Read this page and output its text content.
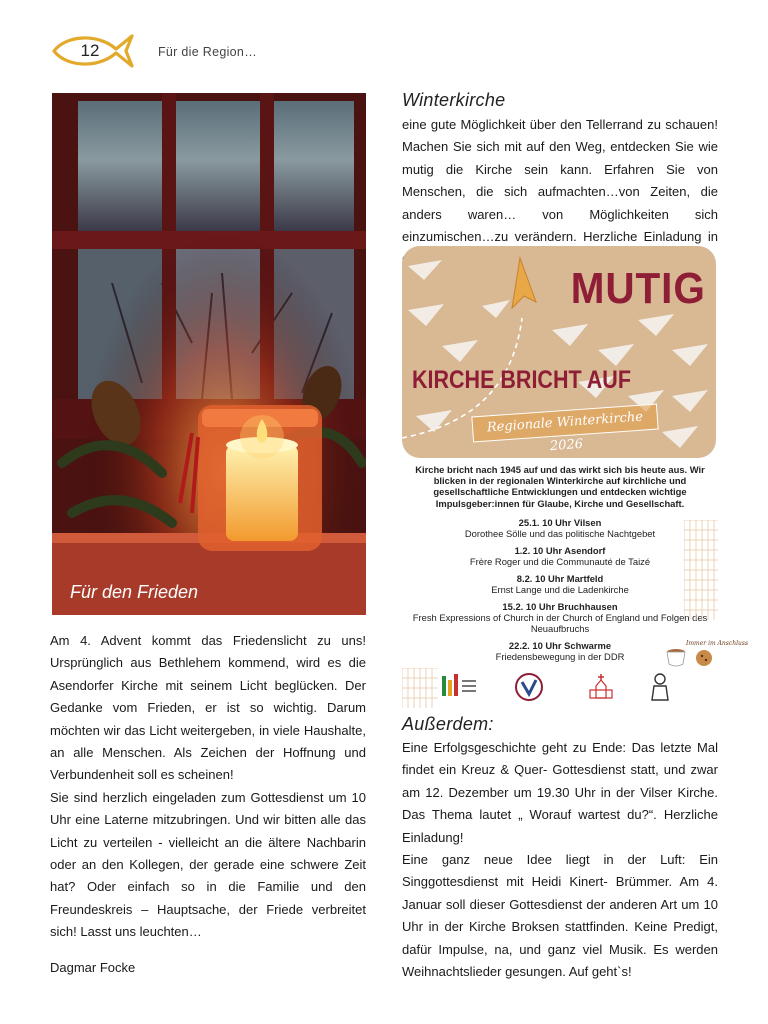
12	Für die Region…
Für den Frieden

Am 4. Advent kommt das Friedenslicht zu uns! Ursprünglich aus Bethlehem kommend, wird es die Asendorfer Kirche mit seinem Licht beglücken. Der Gedanke vom Frieden, er ist so wichtig. Darum möchten wir das Licht weitergeben, in viele Haushalte, an alle Menschen. Als Zeichen der Hoffnung und Verbundenheit soll es scheinen!

Sie sind herzlich eingeladen zum Gottesdienst um 10 Uhr eine Laterne mitzubringen. Und wir bitten alle das Licht zu verteilen - vielleicht an die ältere Nachbarin oder an den Kollegen, der gerade eine schwere Zeit hat? Oder einfach so in die Familie und den Freundeskreis – Hauptsache, der Friede verbreitet sich! Lasst uns leuchten…

Dagmar Focke
Winterkirche

eine gute Möglichkeit über den Tellerrand zu schauen! Machen Sie sich mit auf den Weg, entdecken Sie wie mutig die Kirche sein kann. Erfahren Sie von Menschen, die sich aufmachten…von Zeiten, die anders waren… von Möglichkeiten sich einzumischen…zu verändern. Herzliche Einladung in

MUTIG
KIRCHE BRICHT AUF
Regionale Winterkirche 2026
Kirche bricht nach 1945 auf und das wirkt sich bis heute aus. Wir blicken in der regionalen Winterkirche auf kirchliche und gesellschaftliche Entwicklungen und entdecken wichtige Impulsgeber:innen für Glaube, Kirche und Gesellschaft.
25.1. 10 Uhr Vilsen
Dorothee Sölle und das politische Nachtgebet
1.2. 10 Uhr Asendorf
Frère Roger und die Communauté de Taizé
8.2. 10 Uhr Martfeld
Ernst Lange und die Ladenkirche
15.2. 10 Uhr Bruchhausen
Fresh Expressions of Church in der Church of England und Folgen des Neuaufbruchs
22.2. 10 Uhr Schwarme
Friedensbewegung in der DDR
Immer im Anschluss
Außerdem:

Eine Erfolgsgeschichte geht zu Ende: Das letzte Mal findet ein Kreuz & Quer- Gottesdienst statt, und zwar am 12. Dezember um 19.30 Uhr in der Vilser Kirche. Das Thema lautet „ Worauf wartest du?“. Herzliche Einladung!

Eine ganz neue Idee liegt in der Luft: Ein Singgottesdienst mit Heidi Kinert- Brümmer. Am 4. Januar soll dieser Gottesdienst der anderen Art um 10 Uhr in der Kirche Broksen stattfinden. Keine Predigt, dafür Impulse, na, und ganz viel Musik. Es werden Weihnachtslieder gesungen. Auf geht`s!
